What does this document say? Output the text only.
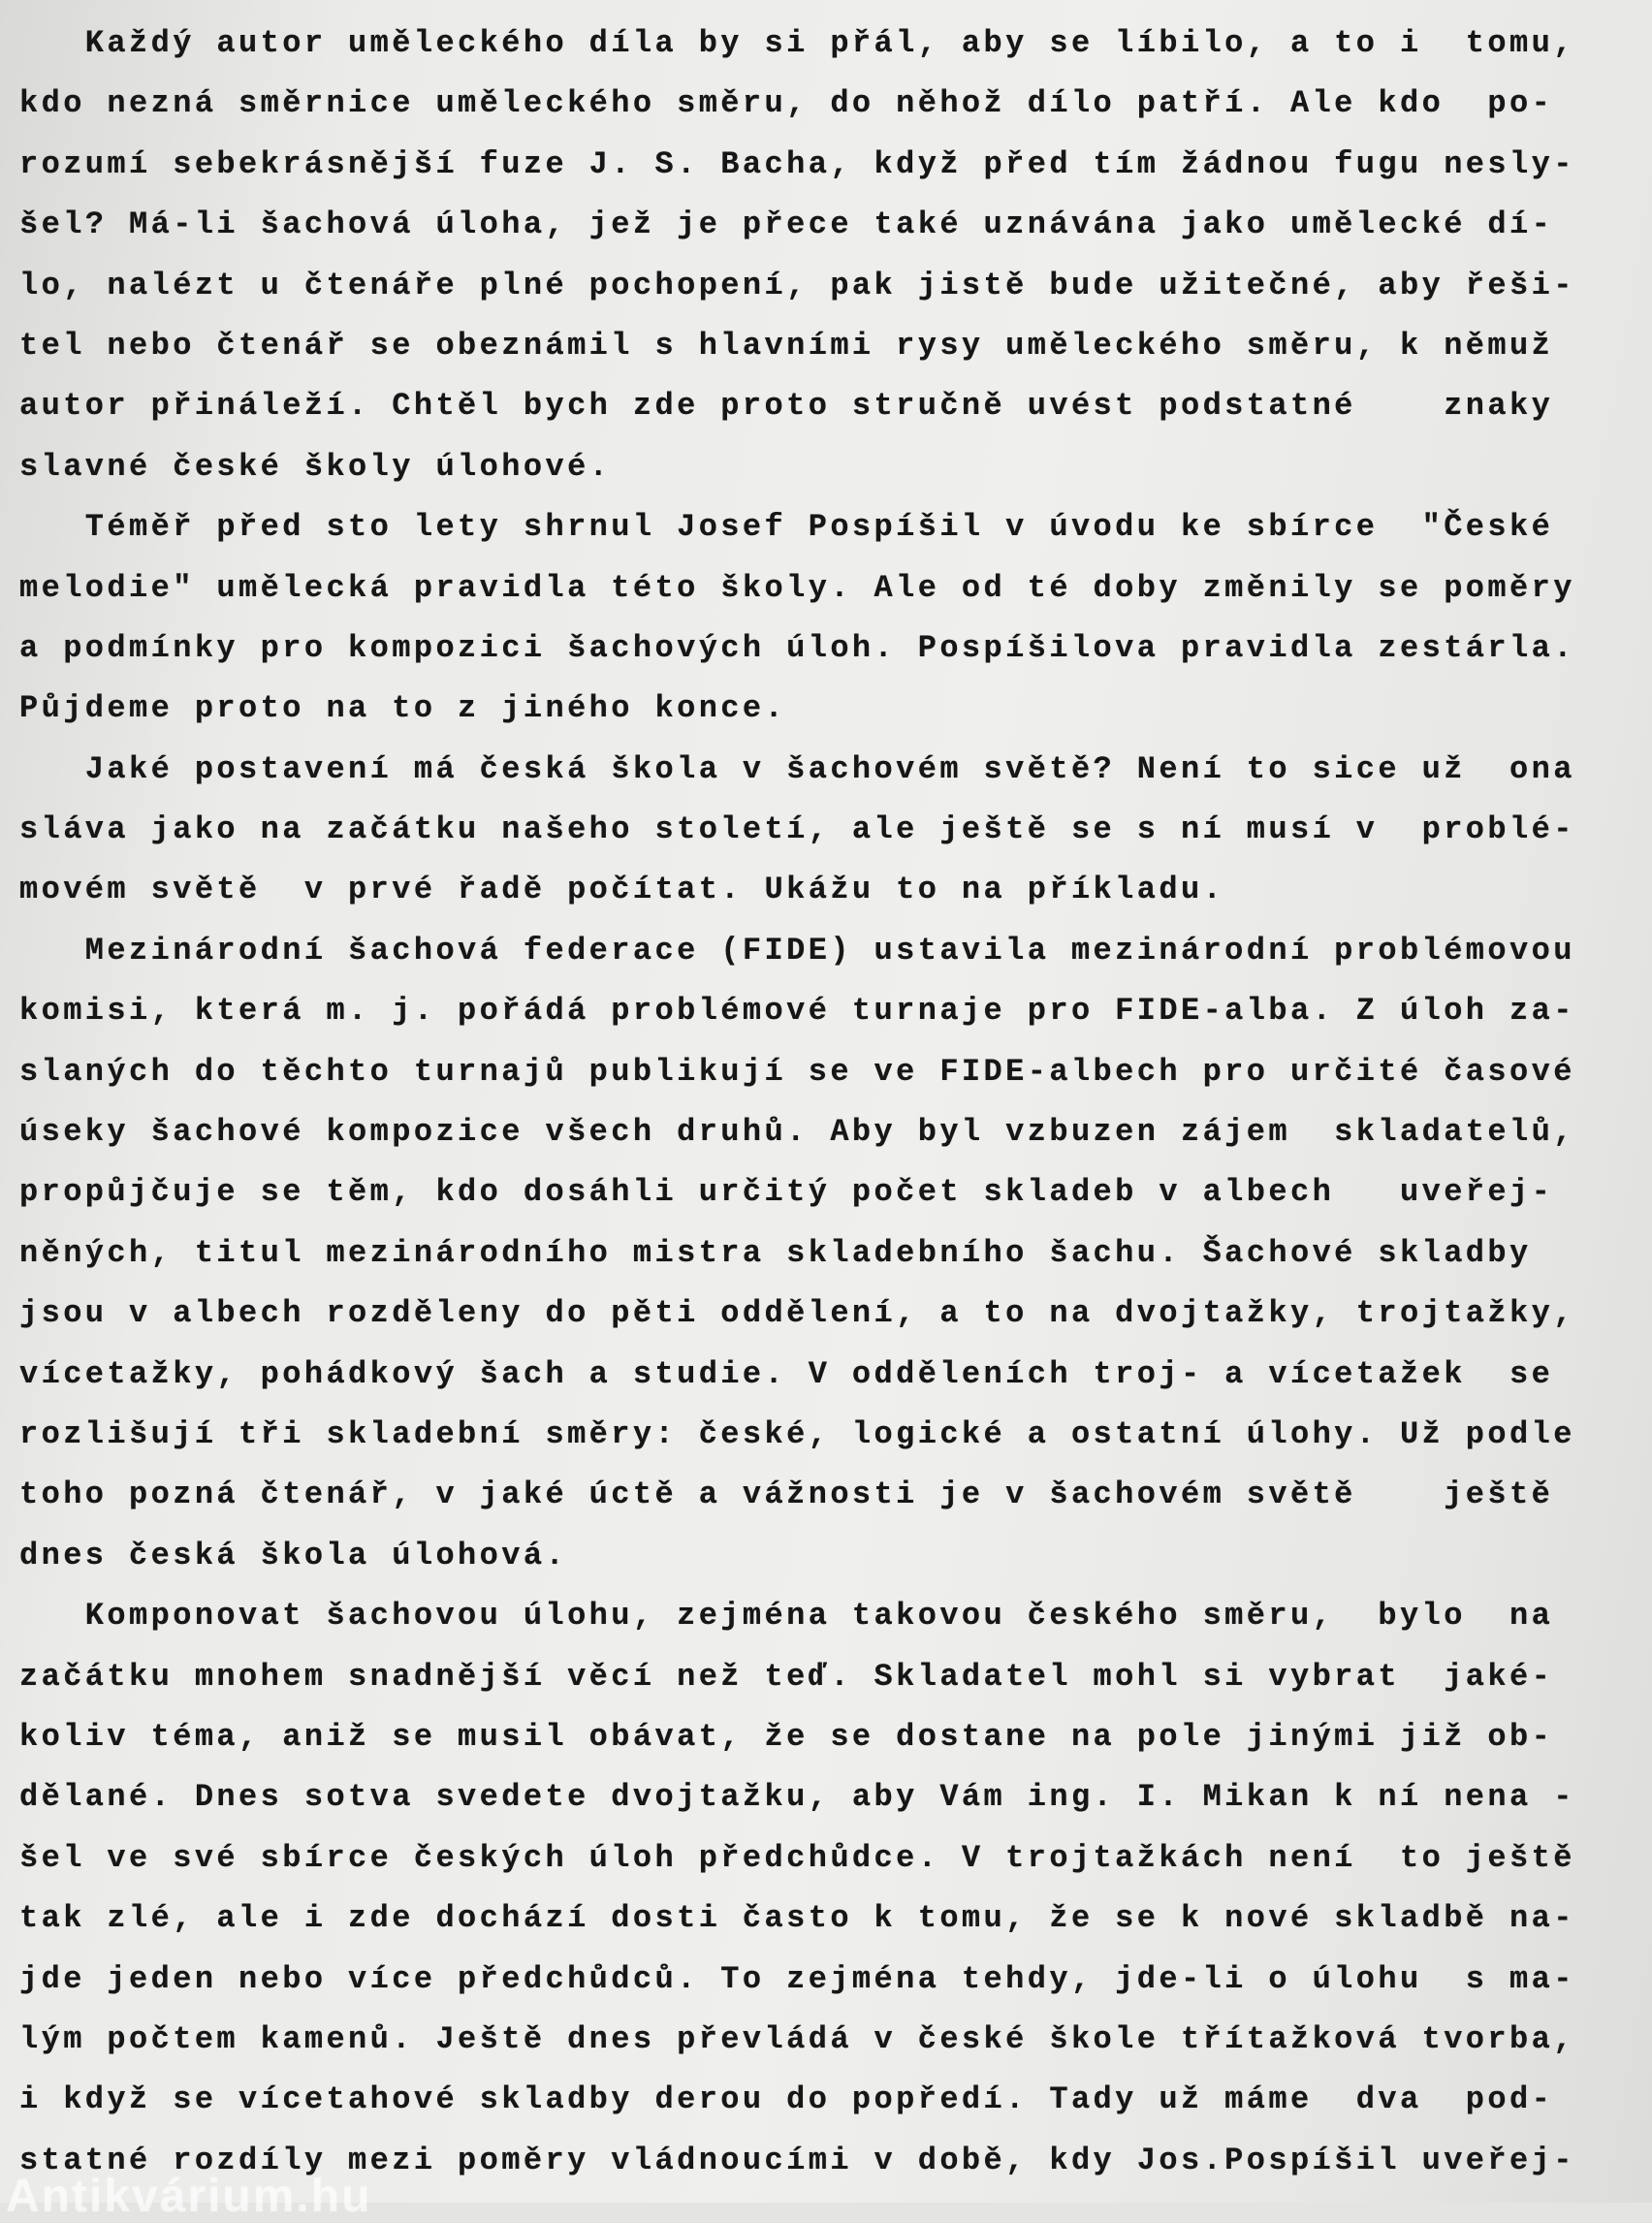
Každý autor uměleckého díla by si přál, aby se líbilo, a to i  tomu,
kdo nezná směrnice uměleckého směru, do něhož dílo patří. Ale kdo  po-
rozumí sebekrásnější fuze J. S. Bacha, když před tím žádnou fugu nesly-
šel? Má-li šachová úloha, jež je přece také uznávána jako umělecké dí-
lo, nalézt u čtenáře plné pochopení, pak jistě bude užitečné, aby řeši-
tel nebo čtenář se obeznámil s hlavními rysy uměleckého směru, k němuž
autor přináleží. Chtěl bych zde proto stručně uvést podstatné    znaky
slavné české školy úlohové.
Téměř před sto lety shrnul Josef Pospíšil v úvodu ke sbírce  "České
melodie" umělecká pravidla této školy. Ale od té doby změnily se poměry
a podmínky pro kompozici šachových úloh. Pospíšilova pravidla zestárla.
Půjdeme proto na to z jiného konce.
Jaké postavení má česká škola v šachovém světě? Není to sice už  ona
sláva jako na začátku našeho století, ale ještě se s ní musí v  problé-
movém světě  v prvé řadě počítat. Ukážu to na příkladu.
Mezinárodní šachová federace (FIDE) ustavila mezinárodní problémovou
komisi, která m. j. pořádá problémové turnaje pro FIDE-alba. Z úloh za-
slaných do těchto turnajů publikují se ve FIDE-albech pro určité časové
úseky šachové kompozice všech druhů. Aby byl vzbuzen zájem  skladatelů,
propůjčuje se těm, kdo dosáhli určitý počet skladeb v albech   uveřej-
něných, titul mezinárodního mistra skladebního šachu. Šachové skladby
jsou v albech rozděleny do pěti oddělení, a to na dvojtažky, trojtažky,
vícetažky, pohádkový šach a studie. V odděleních troj- a vícetažek  se
rozlišují tři skladební směry: české, logické a ostatní úlohy. Už podle
toho pozná čtenář, v jaké úctě a vážnosti je v šachovém světě    ještě
dnes česká škola úlohová.
Komponovat šachovou úlohu, zejména takovou českého směru,  bylo  na
začátku mnohem snadnější věcí než teď. Skladatel mohl si vybrat  jaké-
koliv téma, aniž se musil obávat, že se dostane na pole jinými již ob-
dělané. Dnes sotva svedete dvojtažku, aby Vám ing. I. Mikan k ní nena -
šel ve své sbírce českých úloh předchůdce. V trojtažkách není  to ještě
tak zlé, ale i zde dochází dosti často k tomu, že se k nové skladbě na-
jde jeden nebo více předchůdců. To zejména tehdy, jde-li o úlohu  s ma-
lým počtem kamenů. Ještě dnes převládá v české škole třítažková tvorba,
i když se vícetahové skladby derou do popředí. Tady už máme  dva  pod-
statné rozdíly mezi poměry vládnoucími v době, kdy Jos.Pospíšil uveřej-
Antikvárium.hu
